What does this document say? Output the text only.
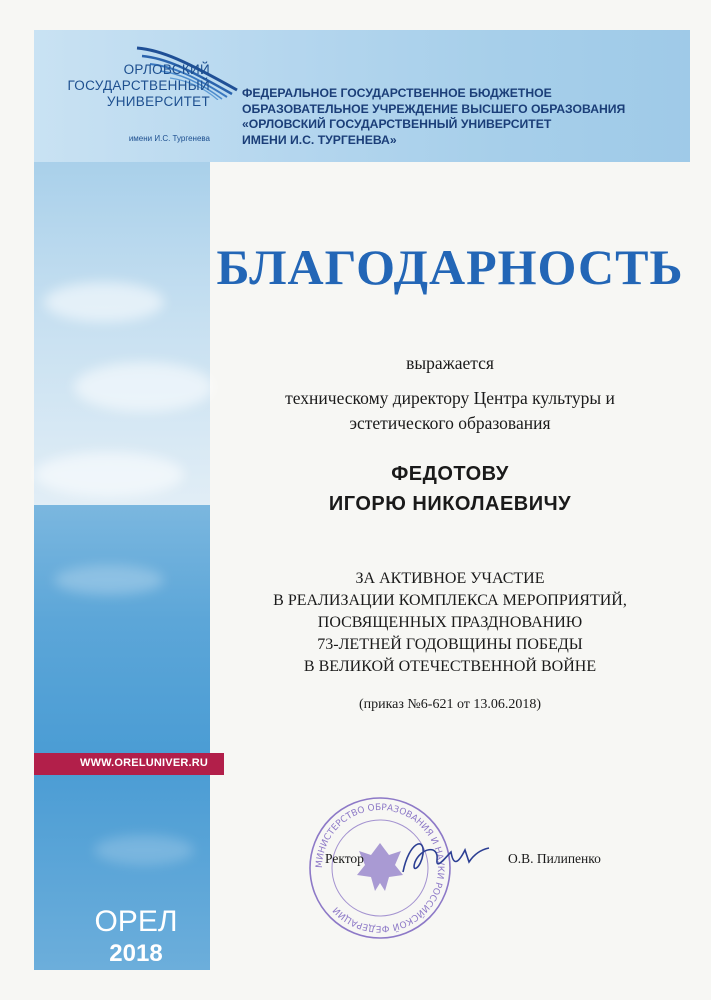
ОРЛОВСКИЙ
ГОСУДАРСТВЕННЫЙ
УНИВЕРСИТЕТ
имени И.С. Тургенева
ФЕДЕРАЛЬНОЕ ГОСУДАРСТВЕННОЕ БЮДЖЕТНОЕ
ОБРАЗОВАТЕЛЬНОЕ УЧРЕЖДЕНИЕ ВЫСШЕГО ОБРАЗОВАНИЯ
«ОРЛОВСКИЙ ГОСУДАРСТВЕННЫЙ УНИВЕРСИТЕТ
ИМЕНИ И.С. ТУРГЕНЕВА»
БЛАГОДАРНОСТЬ
выражается
техническому директору Центра культуры и
эстетического образования
ФЕДОТОВУ
ИГОРЮ НИКОЛАЕВИЧУ
ЗА АКТИВНОЕ УЧАСТИЕ
В РЕАЛИЗАЦИИ КОМПЛЕКСА МЕРОПРИЯТИЙ,
ПОСВЯЩЕННЫХ ПРАЗДНОВАНИЮ
73-ЛЕТНЕЙ ГОДОВЩИНЫ ПОБЕДЫ
В ВЕЛИКОЙ ОТЕЧЕСТВЕННОЙ ВОЙНЕ
(приказ №6-621 от 13.06.2018)
WWW.ORELUNIVER.RU
МИНИСТЕРСТВО ОБРАЗОВАНИЯ И НАУКИ РОССИЙСКОЙ ФЕДЕРАЦИИ
Ректор	О.В. Пилипенко
ОРЕЛ
2018
